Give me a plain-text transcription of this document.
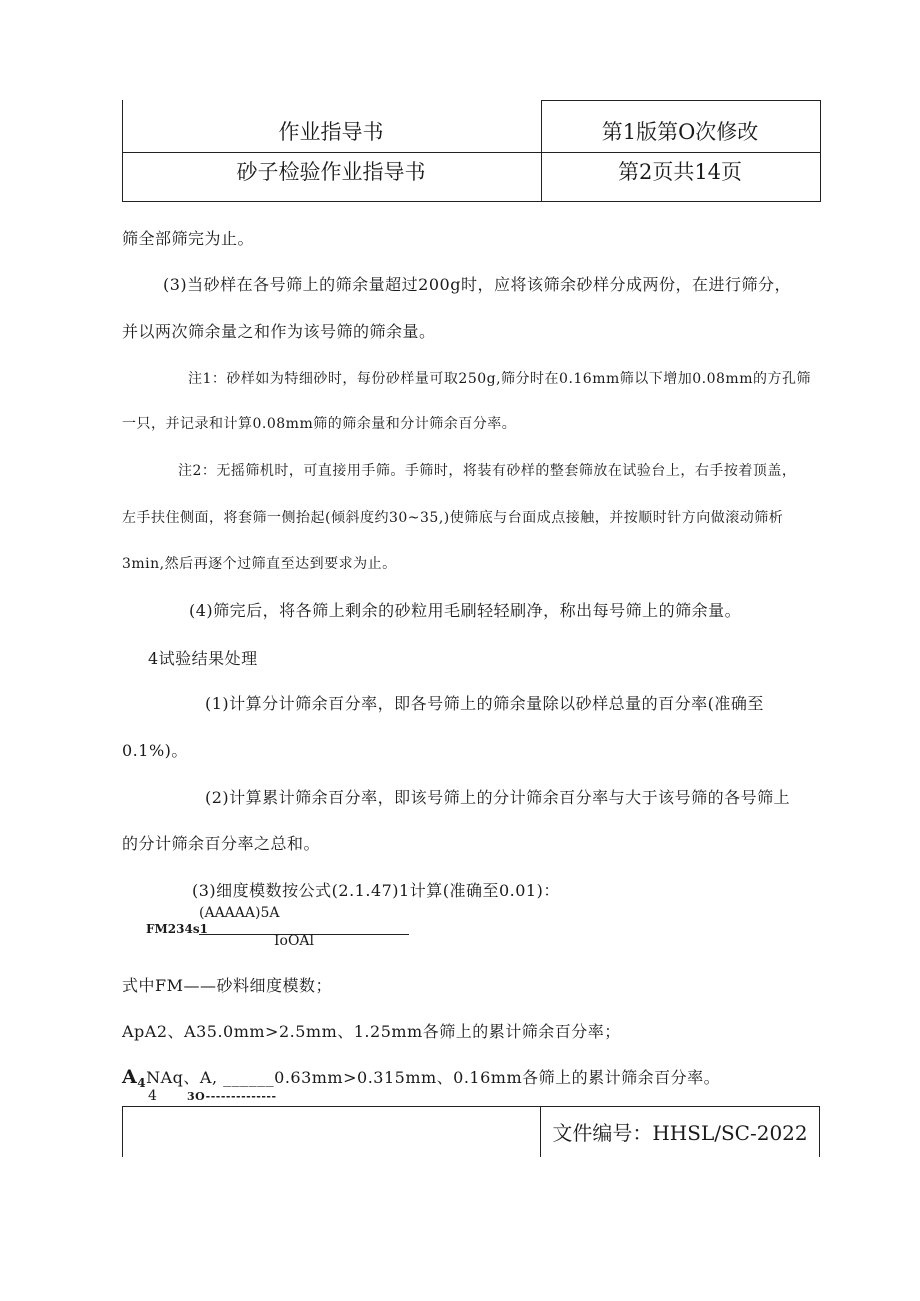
作业指导书	第1版第O次修改
砂子检验作业指导书	第2页共14页
筛全部筛完为止。
(3)当砂样在各号筛上的筛余量超过200g时，应将该筛余砂样分成两份，在进行筛分，
并以两次筛余量之和作为该号筛的筛余量。
注1：砂样如为特细砂时，每份砂样量可取250g,筛分时在0.16mm筛以下增加0.08mm的方孔筛
一只，并记录和计算0.08mm筛的筛余量和分计筛余百分率。
注2：无摇筛机时，可直接用手筛。手筛时，将装有砂样的整套筛放在试验台上，右手按着顶盖，
左手扶住侧面，将套筛一侧抬起(倾斜度约30~35,)使筛底与台面成点接触，并按顺时针方向做滚动筛析
3min,然后再逐个过筛直至达到要求为止。
(4)筛完后，将各筛上剩余的砂粒用毛刷轻轻刷净，称出每号筛上的筛余量。
4试验结果处理
(1)计算分计筛余百分率，即各号筛上的筛余量除以砂样总量的百分率(准确至
0.1%)。
(2)计算累计筛余百分率，即该号筛上的分计筛余百分率与大于该号筛的各号筛上
的分计筛余百分率之总和。
(3)细度模数按公式(2.1.47)1计算(准确至0.01)：
(AAAAA)5A
FM234s1
IoOAl
式中FM——砂料细度模数；
ApA2、A35.0mm>2.5mm、1.25mm各筛上的累计筛余百分率；
$A_4NAq$、A, ______0.63mm>0.315mm、0.16mm各筛上的累计筛余百分率。
4	3O--------------
文件编号：HHSL/SC-2022
